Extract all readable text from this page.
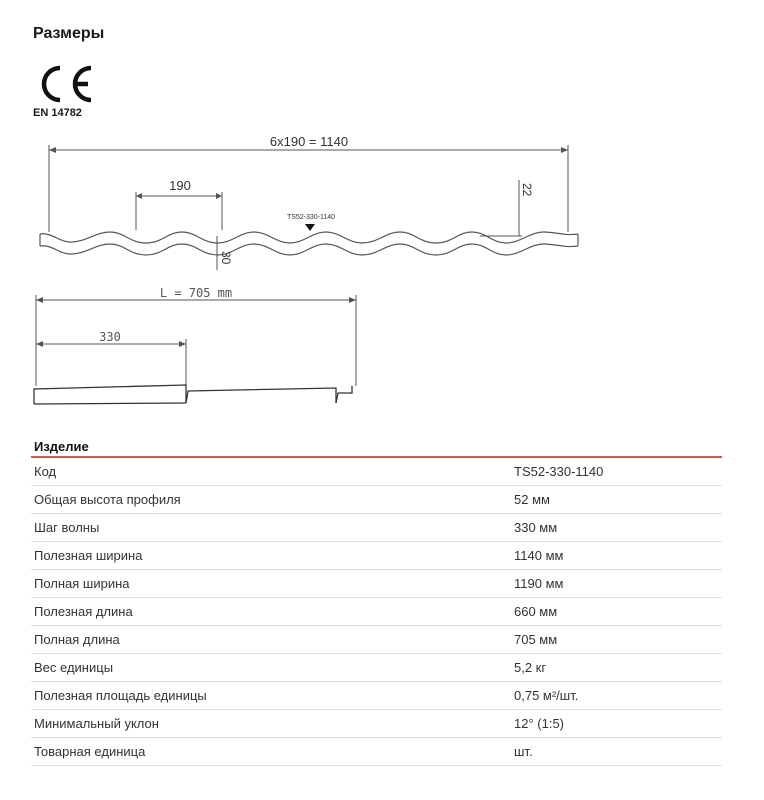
Размеры
EN 14782
6x190 = 1140
190
TS52-330-1140
22
30
L = 705 mm
330
Изделие
Код	TS52-330-1140
Общая высота профиля	52 мм
Шаг волны	330 мм
Полезная ширина	1140 мм
Полная ширина	1190 мм
Полезная длина	660 мм
Полная длина	705 мм
Вес единицы	5,2 кг
Полезная площадь единицы	0,75 м²/шт.
Минимальный уклон	12° (1:5)
Товарная единица	шт.
